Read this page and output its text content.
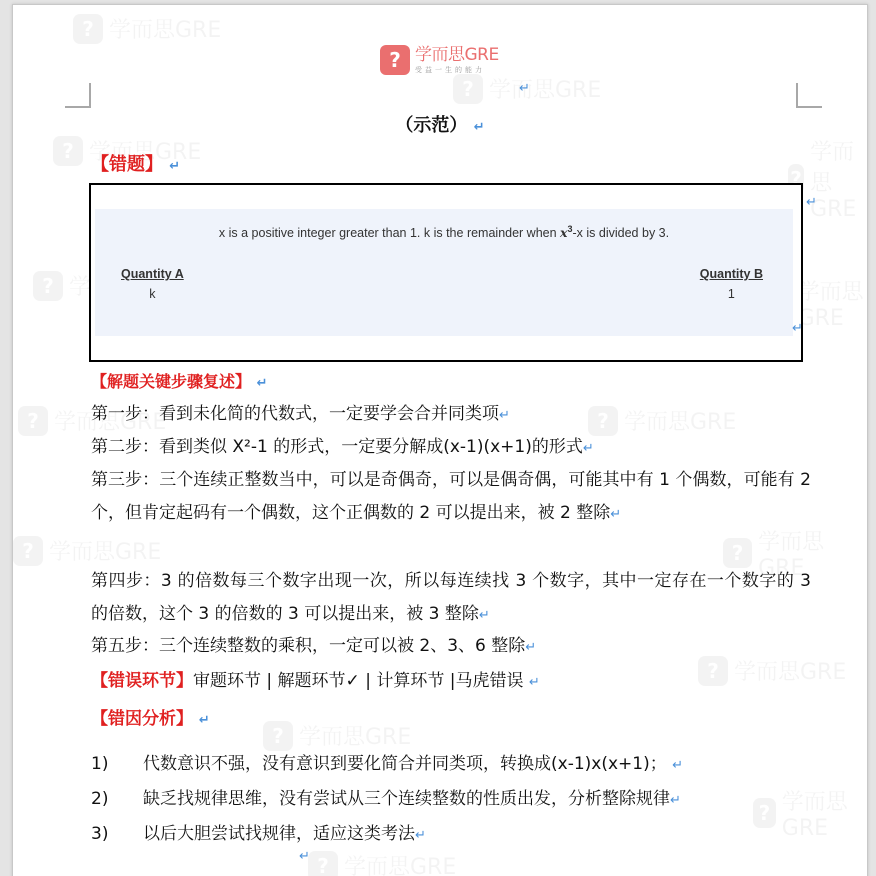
? 学而思GRE
受益一生的能力
↵
（示范） ↵
【错题】 ↵
x is a positive integer greater than 1. k is the remainder when $x^3-x$ is divided by 3.
Quantity A
k
Quantity B
1
↵
↵
【解题关键步骤复述】 ↵
第一步：看到未化简的代数式，一定要学会合并同类项↵
第二步：看到类似 X²-1 的形式，一定要分解成(x-1)(x+1)的形式↵
第三步：三个连续正整数当中，可以是奇偶奇，可以是偶奇偶，可能其中有 1 个偶数，可能有 2 个，但肯定起码有一个偶数，这个正偶数的 2 可以提出来，被 2 整除↵
第四步：3 的倍数每三个数字出现一次，所以每连续找 3 个数字，其中一定存在一个数字的 3 的倍数，这个 3 的倍数的 3 可以提出来，被 3 整除↵
第五步：三个连续整数的乘积，一定可以被 2、3、6 整除↵
【错误环节】审题环节 | 解题环节✓ | 计算环节 |马虎错误 ↵
【错因分析】 ↵
1) 代数意识不强，没有意识到要化简合并同类项，转换成(x-1)x(x+1)； ↵
2) 缺乏找规律思维，没有尝试从三个连续整数的性质出发，分析整除规律↵
3) 以后大胆尝试找规律，适应这类考法↵
↵
